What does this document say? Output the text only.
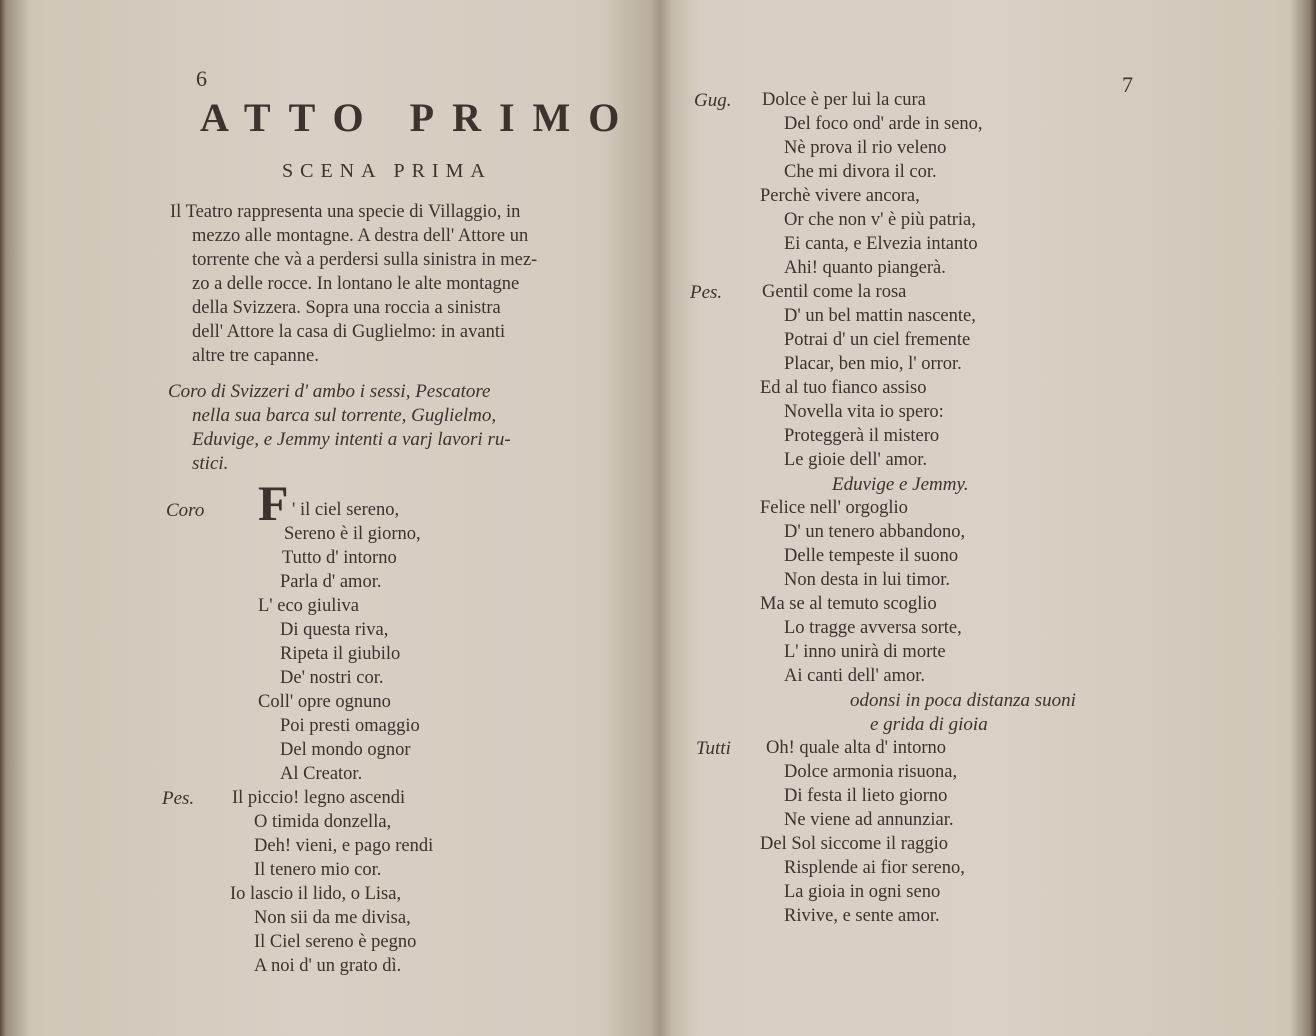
6
ATTO PRIMO
SCENA PRIMA
Il Teatro rappresenta una specie di Villaggio, in
mezzo alle montagne. A destra dell' Attore un
torrente che và a perdersi sulla sinistra in mez-
zo a delle rocce. In lontano le alte montagne
della Svizzera. Sopra una roccia a sinistra
dell' Attore la casa di Guglielmo: in avanti
altre tre capanne.
Coro di Svizzeri d' ambo i sessi, Pescatore
nella sua barca sul torrente, Guglielmo,
Eduvige, e Jemmy intenti a varj lavori ru-
stici.
Coro F ' il ciel sereno,
Sereno è il giorno,
Tutto d' intorno
Parla d' amor.
L' eco giuliva
Di questa riva,
Ripeta il giubilo
De' nostri cor.
Coll' opre ognuno
Poi presti omaggio
Del mondo ognor
Al Creator.
Pes. Il piccio! legno ascendi
O timida donzella,
Deh! vieni, e pago rendi
Il tenero mio cor.
Io lascio il lido, o Lisa,
Non sii da me divisa,
Il Ciel sereno è pegno
A noi d' un grato dì.
7
Gug. Dolce è per lui la cura
Del foco ond' arde in seno,
Nè prova il rio veleno
Che mi divora il cor.
Perchè vivere ancora,
Or che non v' è più patria,
Ei canta, e Elvezia intanto
Ahi! quanto piangerà.
Pes. Gentil come la rosa
D' un bel mattin nascente,
Potrai d' un ciel fremente
Placar, ben mio, l' orror.
Ed al tuo fianco assiso
Novella vita io spero:
Proteggerà il mistero
Le gioie dell' amor.
Eduvige e Jemmy.
Felice nell' orgoglio
D' un tenero abbandono,
Delle tempeste il suono
Non desta in lui timor.
Ma se al temuto scoglio
Lo tragge avversa sorte,
L' inno unirà di morte
Ai canti dell' amor.
odonsi in poca distanza suoni
e grida di gioia
Tutti Oh! quale alta d' intorno
Dolce armonia risuona,
Di festa il lieto giorno
Ne viene ad annunziar.
Del Sol siccome il raggio
Risplende ai fior sereno,
La gioia in ogni seno
Rivive, e sente amor.
